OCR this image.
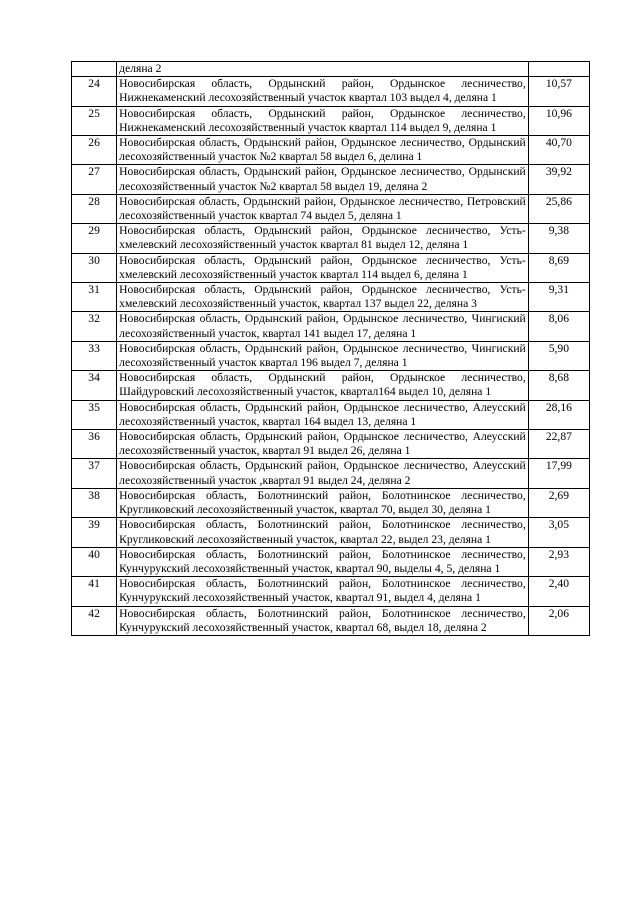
	деляна 2	

24	Новосибирская область, Ордынский район, Ордынское лесничество, Нижнекаменский лесохозяйственный участок квартал 103 выдел 4, деляна 1	10,57
25	Новосибирская область, Ордынский район, Ордынское лесничество, Нижнекаменский лесохозяйственный участок квартал 114 выдел 9, деляна 1	10,96
26	Новосибирская область, Ордынский район, Ордынское лесничество, Ордынский лесохозяйственный участок №2 квартал 58 выдел 6, делина 1	40,70
27	Новосибирская область, Ордынский район, Ордынское лесничество, Ордынский лесохозяйственный участок №2 квартал 58 выдел 19, деляна 2	39,92
28	Новосибирская область, Ордынский район, Ордынское лесничество, Петровский лесохозяйственный участок квартал 74 выдел 5, деляна 1	25,86
29	Новосибирская область, Ордынский район, Ордынское лесничество, Усть-хмелевский лесохозяйственный участок квартал 81 выдел 12, деляна 1	9,38
30	Новосибирская область, Ордынский район, Ордынское лесничество, Усть-хмелевский лесохозяйственный участок квартал 114 выдел 6, деляна 1	8,69
31	Новосибирская область, Ордынский район, Ордынское лесничество, Усть-хмелевский лесохозяйственный участок, квартал 137 выдел 22, деляна 3	9,31
32	Новосибирская область, Ордынский район, Ордынское лесничество, Чингиский лесохозяйственный участок, квартал 141 выдел 17, деляна 1	8,06
33	Новосибирская область, Ордынский район, Ордынское лесничество, Чингиский лесохозяйственный участок квартал 196 выдел 7, деляна 1	5,90
34	Новосибирская область, Ордынский район, Ордынское лесничество, Шайдуровский лесохозяйственный участок, квартал164 выдел 10, деляна 1	8,68
35	Новосибирская область, Ордынский район, Ордынское лесничество, Алеусский лесохозяйственный участок, квартал 164 выдел 13, деляна 1	28,16
36	Новосибирская область, Ордынский район, Ордынское лесничество, Алеусский лесохозяйственный участок, квартал 91 выдел 26, деляна 1	22,87
37	Новосибирская область, Ордынский район, Ордынское лесничество, Алеусский лесохозяйственный участок ,квартал 91 выдел 24, деляна 2	17,99
38	Новосибирская область, Болотнинский район, Болотнинское лесничество, Кругликовский лесохозяйственный участок, квартал 70, выдел 30, деляна 1	2,69
39	Новосибирская область, Болотнинский район, Болотнинское лесничество, Кругликовский лесохозяйственный участок, квартал 22, выдел 23, деляна 1	3,05
40	Новосибирская область, Болотнинский район, Болотнинское лесничество, Кунчурукский лесохозяйственный участок, квартал 90, выделы 4, 5, деляна 1	2,93
41	Новосибирская область, Болотнинский район, Болотнинское лесничество, Кунчурукский лесохозяйственный участок, квартал 91, выдел 4, деляна 1	2,40
42	Новосибирская область, Болотнинский район, Болотнинское лесничество, Кунчурукский лесохозяйственный участок, квартал 68, выдел 18, деляна 2	2,06
